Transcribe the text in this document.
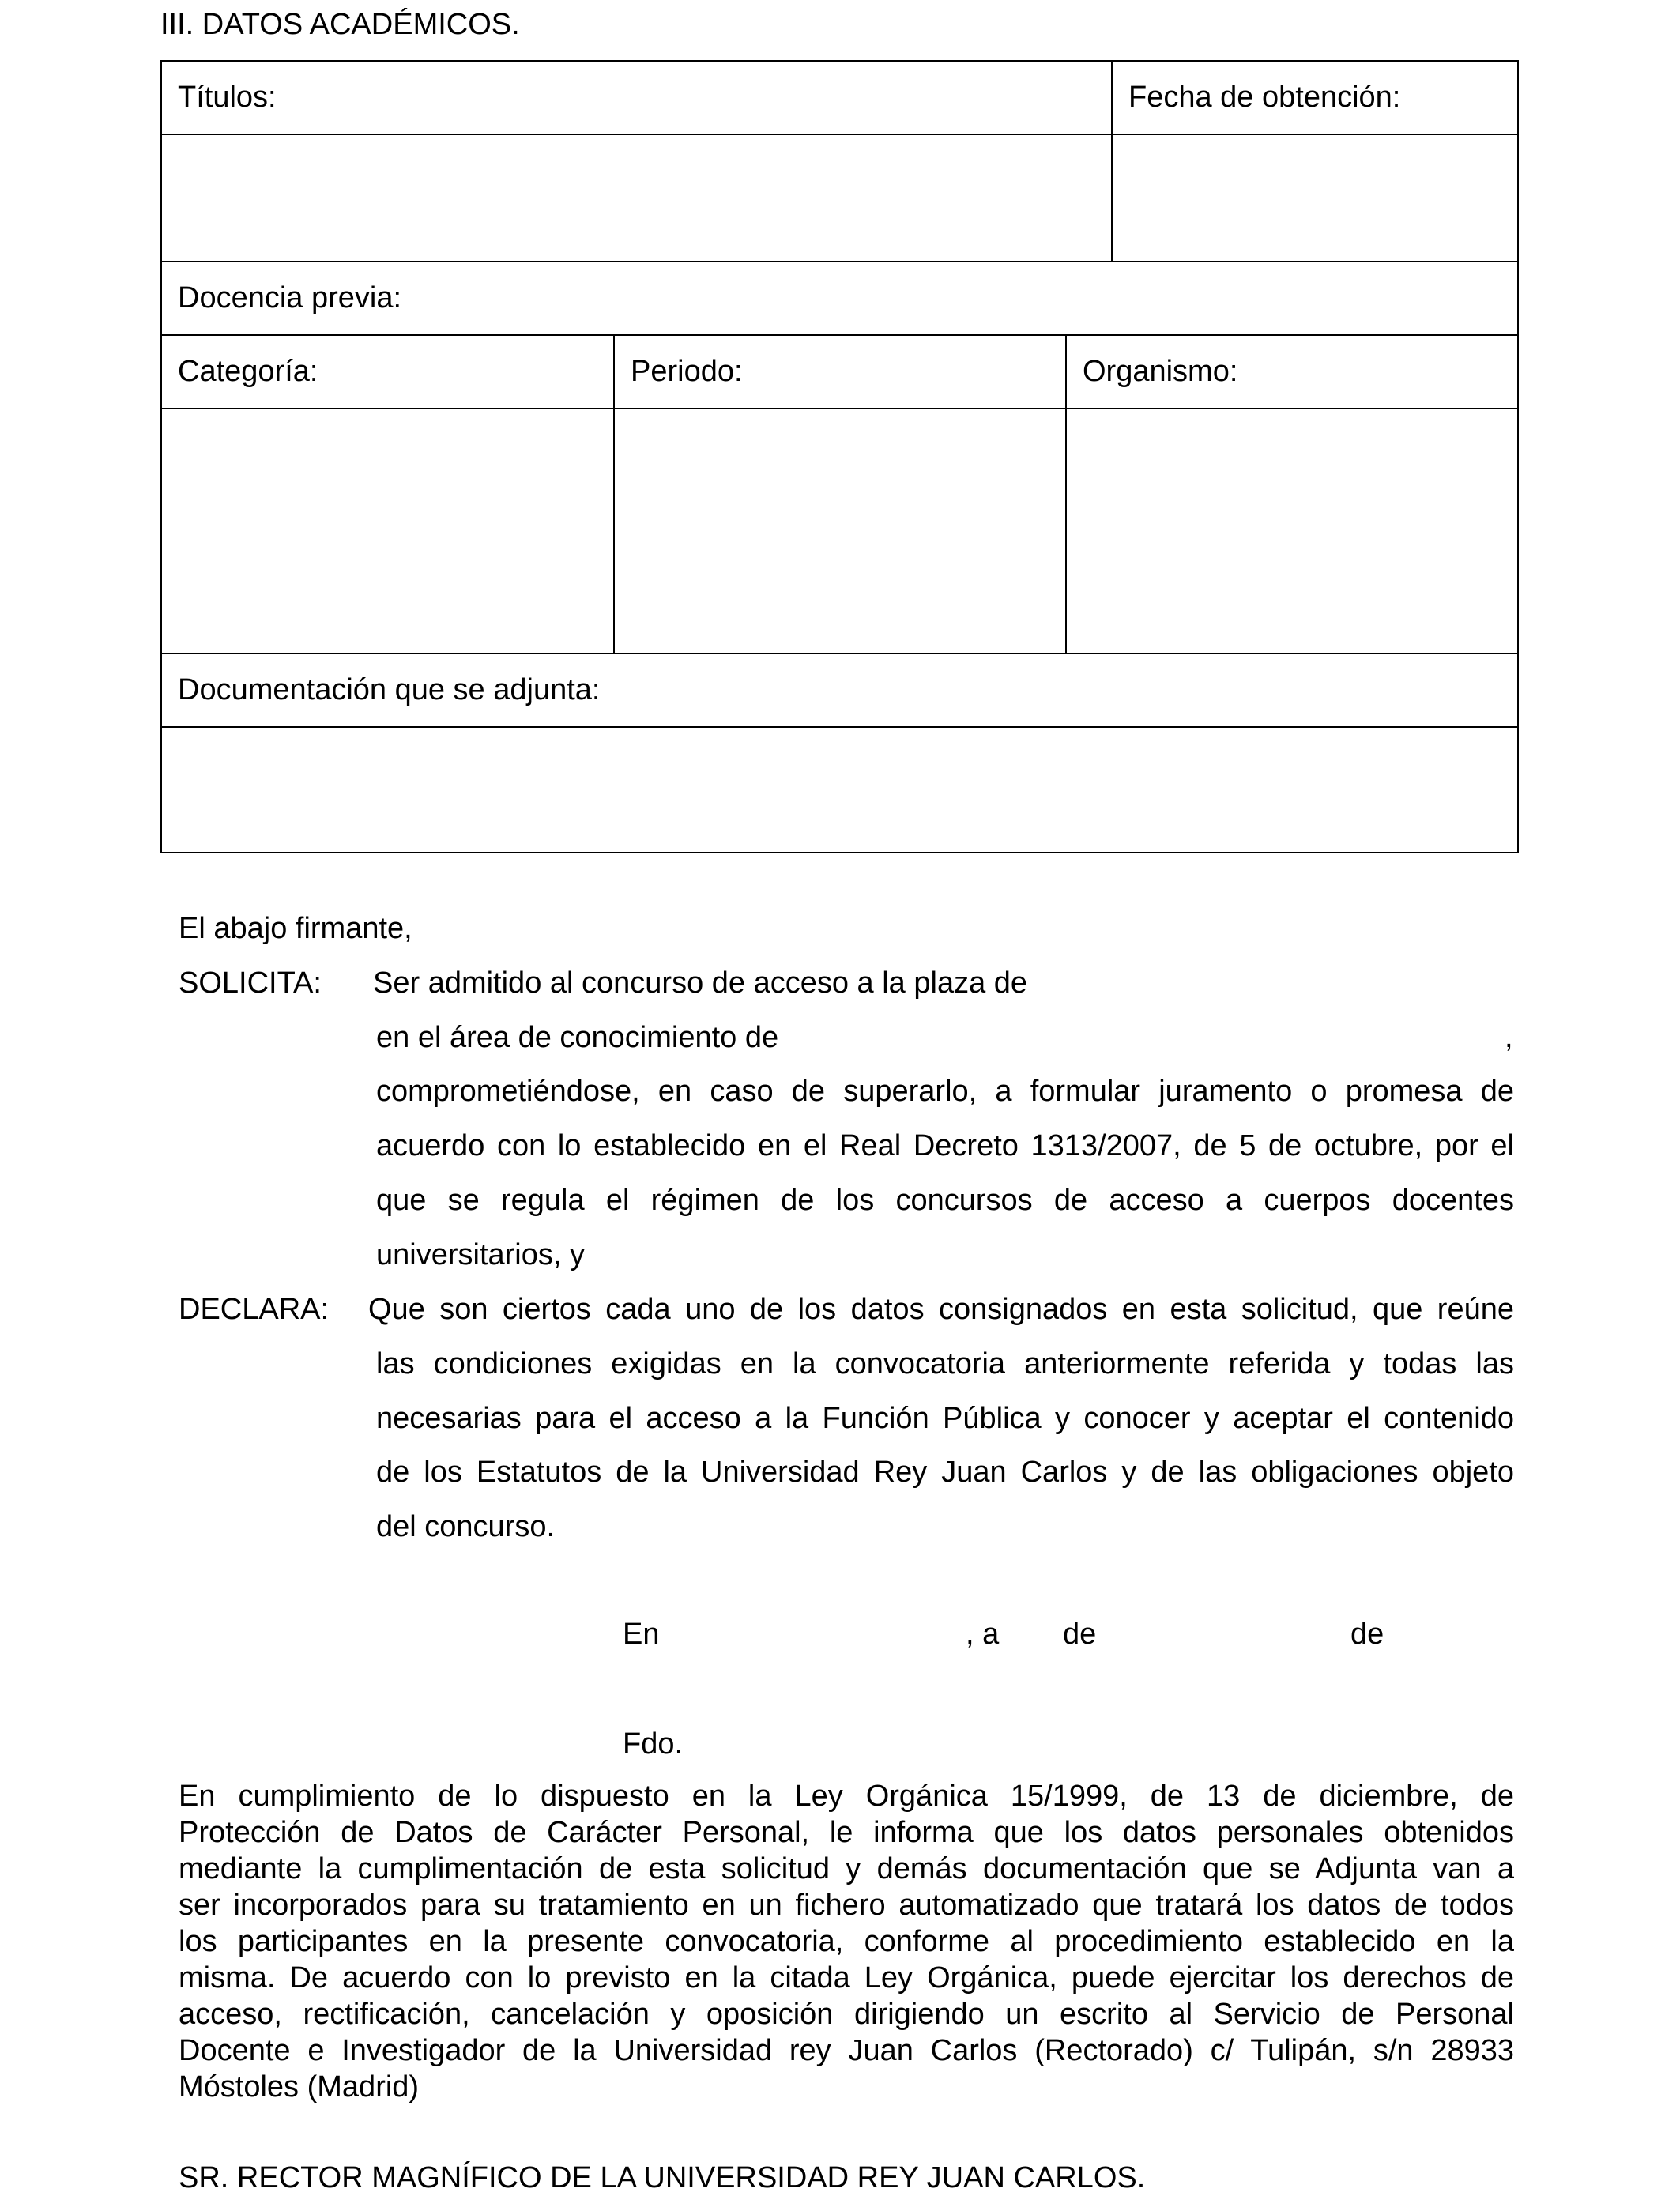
III. DATOS ACADÉMICOS.
Títulos:	Fecha de obtención:
Docencia previa:
Categoría:	Periodo:	Organismo:
Documentación que se adjunta:
El abajo firmante,
SOLICITA: Ser admitido al concurso de acceso a la plaza de
en el área de conocimiento de	,
comprometiéndose, en caso de superarlo, a formular juramento o promesa de
acuerdo con lo establecido en el Real Decreto 1313/2007, de 5 de octubre, por el
que se regula el régimen de los concursos de acceso a cuerpos docentes
universitarios, y
DECLARA: Que son ciertos cada uno de los datos consignados en esta solicitud, que reúne
las condiciones exigidas en la convocatoria anteriormente referida y todas las
necesarias para el acceso a la Función Pública y conocer y aceptar el contenido
de los Estatutos de la Universidad Rey Juan Carlos y de las obligaciones objeto
del concurso.
En	, a de	de
Fdo.
En cumplimiento de lo dispuesto en la Ley Orgánica 15/1999, de 13 de diciembre, de
Protección de Datos de Carácter Personal, le informa que los datos personales obtenidos
mediante la cumplimentación de esta solicitud y demás documentación que se Adjunta van a
ser incorporados para su tratamiento en un fichero automatizado que tratará los datos de todos
los participantes en la presente convocatoria, conforme al procedimiento establecido en la
misma. De acuerdo con lo previsto en la citada Ley Orgánica, puede ejercitar los derechos de
acceso, rectificación, cancelación y oposición dirigiendo un escrito al Servicio de Personal
Docente e Investigador de la Universidad rey Juan Carlos (Rectorado) c/ Tulipán, s/n 28933
Móstoles (Madrid)
SR. RECTOR MAGNÍFICO DE LA UNIVERSIDAD REY JUAN CARLOS.
